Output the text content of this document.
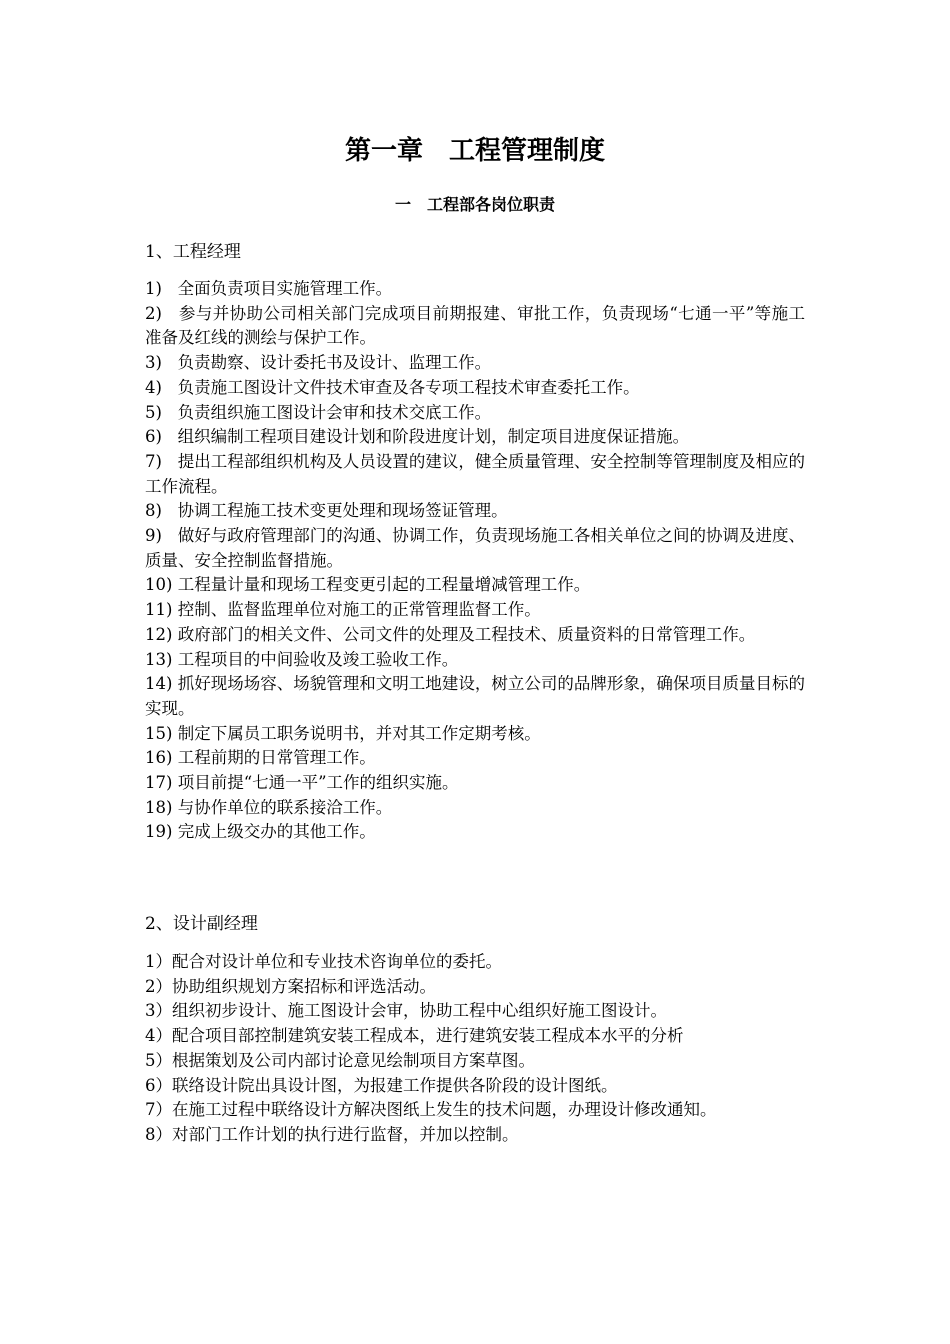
第一章　工程管理制度
一　工程部各岗位职责
1、工程经理
1)   全面负责项目实施管理工作。
2)   参与并协助公司相关部门完成项目前期报建、审批工作，负责现场“七通一平”等施工准备及红线的测绘与保护工作。
3)   负责勘察、设计委托书及设计、监理工作。
4)   负责施工图设计文件技术审查及各专项工程技术审查委托工作。
5)   负责组织施工图设计会审和技术交底工作。
6)   组织编制工程项目建设计划和阶段进度计划，制定项目进度保证措施。
7)   提出工程部组织机构及人员设置的建议，健全质量管理、安全控制等管理制度及相应的工作流程。
8)   协调工程施工技术变更处理和现场签证管理。
9)   做好与政府管理部门的沟通、协调工作，负责现场施工各相关单位之间的协调及进度、质量、安全控制监督措施。
10) 工程量计量和现场工程变更引起的工程量增减管理工作。
11) 控制、监督监理单位对施工的正常管理监督工作。
12) 政府部门的相关文件、公司文件的处理及工程技术、质量资料的日常管理工作。
13) 工程项目的中间验收及竣工验收工作。
14) 抓好现场场容、场貌管理和文明工地建设，树立公司的品牌形象，确保项目质量目标的实现。
15) 制定下属员工职务说明书，并对其工作定期考核。
16) 工程前期的日常管理工作。
17) 项目前提“七通一平”工作的组织实施。
18) 与协作单位的联系接洽工作。
19) 完成上级交办的其他工作。
2、设计副经理
1）配合对设计单位和专业技术咨询单位的委托。
2）协助组织规划方案招标和评选活动。
3）组织初步设计、施工图设计会审，协助工程中心组织好施工图设计。
4）配合项目部控制建筑安装工程成本，进行建筑安装工程成本水平的分析
5）根据策划及公司内部讨论意见绘制项目方案草图。
6）联络设计院出具设计图，为报建工作提供各阶段的设计图纸。
7）在施工过程中联络设计方解决图纸上发生的技术问题，办理设计修改通知。
8）对部门工作计划的执行进行监督，并加以控制。
